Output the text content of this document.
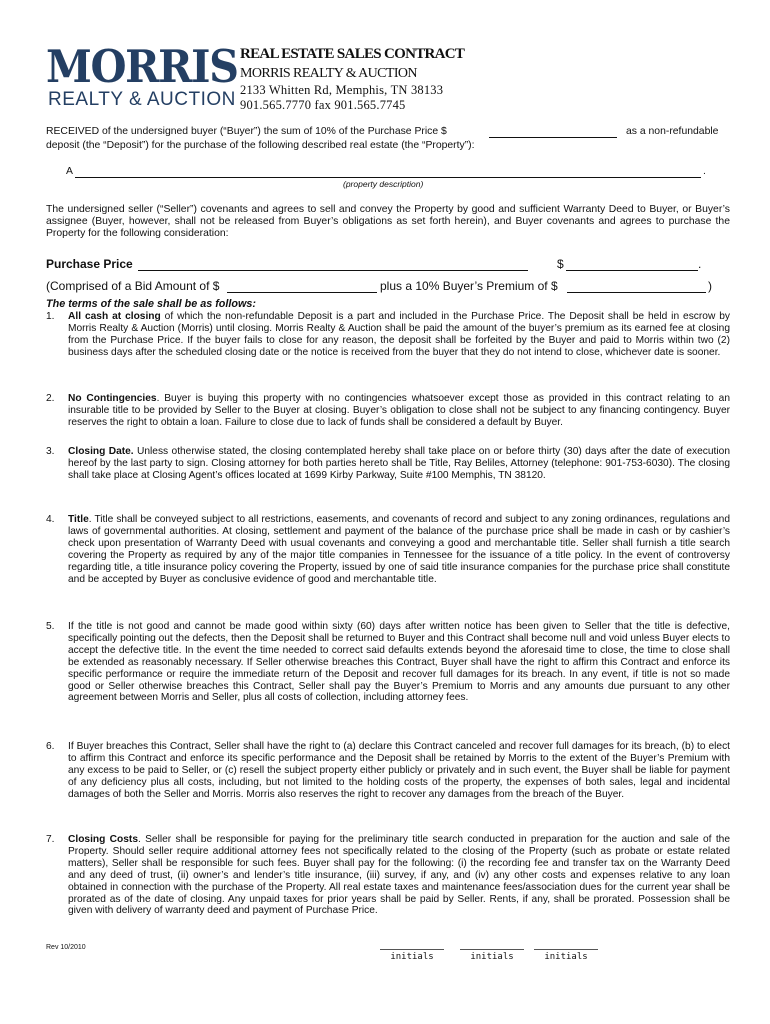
MORRIS
REALTY & AUCTION
REAL ESTATE SALES CONTRACT
MORRIS REALTY & AUCTION
2133 Whitten Rd, Memphis, TN 38133
901.565.7770 fax 901.565.7745
RECEIVED of the undersigned buyer (“Buyer”) the sum of 10% of the Purchase Price $	as a non-refundable
deposit (the “Deposit”) for the purchase of the following described real estate (the “Property”):
A	.
(property description)
The undersigned seller (“Seller”) covenants and agrees to sell and convey the Property by good and sufficient Warranty Deed to Buyer, or Buyer’s assignee (Buyer, however, shall not be released from Buyer’s obligations as set forth herein), and Buyer covenants and agrees to purchase the Property for the following consideration:
Purchase Price	$	.
(Comprised of a Bid Amount of $	plus a 10% Buyer’s Premium of $	)
The terms of the sale shall be as follows:
1. All cash at closing of which the non-refundable Deposit is a part and included in the Purchase Price. The Deposit shall be held in escrow by Morris Realty & Auction (Morris) until closing. Morris Realty & Auction shall be paid the amount of the buyer’s premium as its earned fee at closing from the Purchase Price. If the buyer fails to close for any reason, the deposit shall be forfeited by the Buyer and paid to Morris within two (2) business days after the scheduled closing date or the notice is received from the buyer that they do not intend to close, whichever date is sooner.
2. No Contingencies. Buyer is buying this property with no contingencies whatsoever except those as provided in this contract relating to an insurable title to be provided by Seller to the Buyer at closing. Buyer’s obligation to close shall not be subject to any financing contingency. Buyer reserves the right to obtain a loan. Failure to close due to lack of funds shall be considered a default by Buyer.
3. Closing Date. Unless otherwise stated, the closing contemplated hereby shall take place on or before thirty (30) days after the date of execution hereof by the last party to sign. Closing attorney for both parties hereto shall be Title, Ray Beliles, Attorney (telephone: 901-753-6030). The closing shall take place at Closing Agent’s offices located at 1699 Kirby Parkway, Suite #100 Memphis, TN 38120.
4. Title. Title shall be conveyed subject to all restrictions, easements, and covenants of record and subject to any zoning ordinances, regulations and laws of governmental authorities. At closing, settlement and payment of the balance of the purchase price shall be made in cash or by cashier’s check upon presentation of Warranty Deed with usual covenants and conveying a good and merchantable title. Seller shall furnish a title search covering the Property as required by any of the major title companies in Tennessee for the issuance of a title policy. In the event of controversy regarding title, a title insurance policy covering the Property, issued by one of said title insurance companies for the purchase price shall constitute and be accepted by Buyer as conclusive evidence of good and merchantable title.
5. If the title is not good and cannot be made good within sixty (60) days after written notice has been given to Seller that the title is defective, specifically pointing out the defects, then the Deposit shall be returned to Buyer and this Contract shall become null and void unless Buyer elects to accept the defective title. In the event the time needed to correct said defaults extends beyond the aforesaid time to close, the time to close shall be extended as reasonably necessary. If Seller otherwise breaches this Contract, Buyer shall have the right to affirm this Contract and enforce its specific performance or require the immediate return of the Deposit and recover full damages for its breach. In any event, if title is not so made good or Seller otherwise breaches this Contract, Seller shall pay the Buyer’s Premium to Morris and any amounts due pursuant to any other agreement between Morris and Seller, plus all costs of collection, including attorney fees.
6. If Buyer breaches this Contract, Seller shall have the right to (a) declare this Contract canceled and recover full damages for its breach, (b) to elect to affirm this Contract and enforce its specific performance and the Deposit shall be retained by Morris to the extent of the Buyer’s Premium with any excess to be paid to Seller, or (c) resell the subject property either publicly or privately and in such event, the Buyer shall be liable for payment of any deficiency plus all costs, including, but not limited to the holding costs of the property, the expenses of both sales, legal and incidental damages of both the Seller and Morris. Morris also reserves the right to recover any damages from the breach of the Buyer.
7. Closing Costs. Seller shall be responsible for paying for the preliminary title search conducted in preparation for the auction and sale of the Property. Should seller require additional attorney fees not specifically related to the closing of the Property (such as probate or estate related matters), Seller shall be responsible for such fees. Buyer shall pay for the following: (i) the recording fee and transfer tax on the Warranty Deed and any deed of trust, (ii) owner’s and lender’s title insurance, (iii) survey, if any, and (iv) any other costs and expenses relative to any loan obtained in connection with the purchase of the Property. All real estate taxes and maintenance fees/association dues for the current year shall be prorated as of the date of closing. Any unpaid taxes for prior years shall be paid by Seller. Rents, if any, shall be prorated. Possession shall be given with delivery of warranty deed and payment of Purchase Price.
Rev 10/2010
initials	initials	initials
